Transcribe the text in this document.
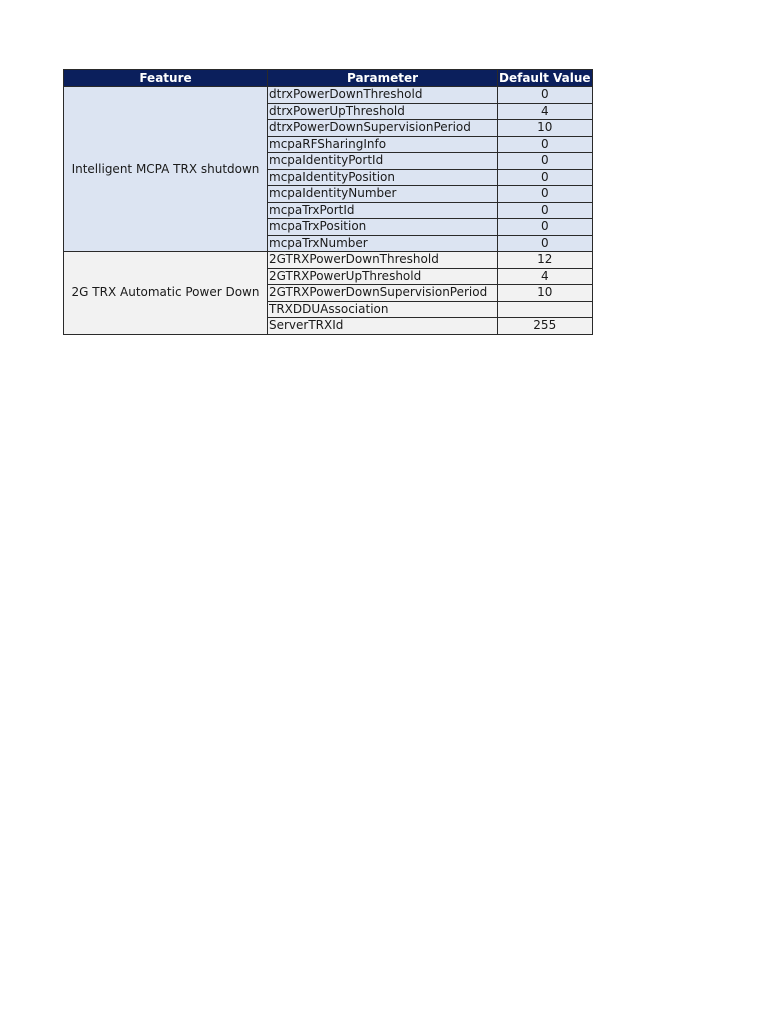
Feature	Parameter	Default Value

Intelligent MCPA TRX shutdown	dtrxPowerDownThreshold	0
	dtrxPowerUpThreshold	4
	dtrxPowerDownSupervisionPeriod	10
	mcpaRFSharingInfo	0
	mcpaIdentityPortId	0
	mcpaIdentityPosition	0
	mcpaIdentityNumber	0
	mcpaTrxPortId	0
	mcpaTrxPosition	0
	mcpaTrxNumber	0
2G TRX Automatic Power Down	2GTRXPowerDownThreshold	12
	2GTRXPowerUpThreshold	4
	2GTRXPowerDownSupervisionPeriod	10
	TRXDDUAssociation	
	ServerTRXId	255
